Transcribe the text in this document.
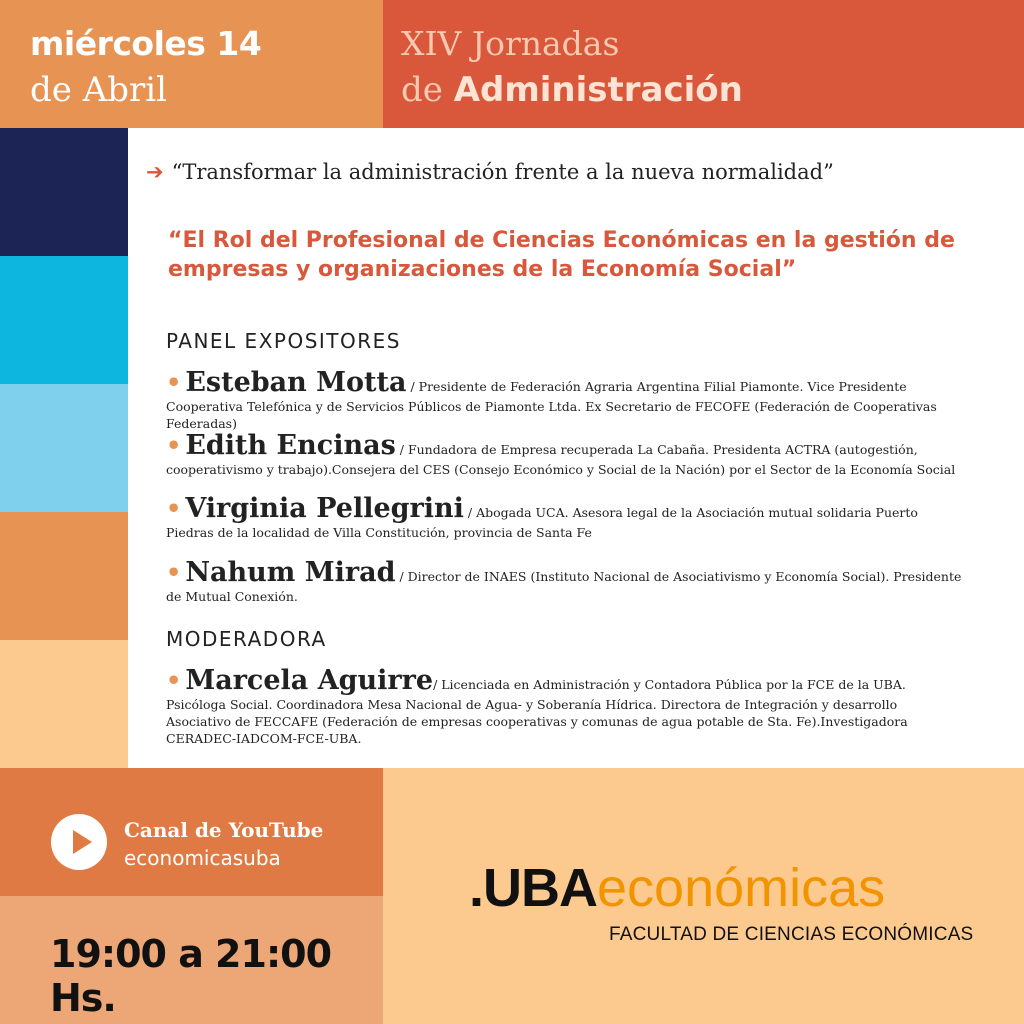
miércoles 14
de Abril
XIV Jornadas
de Administración
➔ “Transformar la administración frente a la nueva normalidad”
“El Rol del Profesional de Ciencias Económicas en la gestión de empresas y organizaciones de la Economía Social”
PANEL EXPOSITORES
• Esteban Motta / Presidente de Federación Agraria Argentina Filial Piamonte. Vice Presidente Cooperativa Telefónica y de Servicios Públicos de Piamonte Ltda. Ex Secretario de FECOFE (Federación de Cooperativas Federadas)
• Edith Encinas / Fundadora de Empresa recuperada La Cabaña. Presidenta ACTRA (autogestión, cooperativismo y trabajo).Consejera del CES (Consejo Económico y Social de la Nación) por el Sector de la Economía Social
• Virginia Pellegrini / Abogada UCA. Asesora legal de la Asociación mutual solidaria Puerto Piedras de la localidad de Villa Constitución, provincia de Santa Fe
• Nahum Mirad / Director de INAES (Instituto Nacional de Asociativismo y Economía Social). Presidente de Mutual Conexión.
MODERADORA
• Marcela Aguirre/ Licenciada en Administración y Contadora Pública por la FCE de la UBA. Psicóloga Social. Coordinadora Mesa Nacional de Agua- y Soberanía Hídrica. Directora de Integración y desarrollo Asociativo de FECCAFE (Federación de empresas cooperativas y comunas de agua potable de Sta. Fe).Investigadora CERADEC-IADCOM-FCE-UBA.
Canal de YouTube
economicasuba
19:00 a 21:00 Hs.
.UBAeconómicas
FACULTAD DE CIENCIAS ECONÓMICAS
